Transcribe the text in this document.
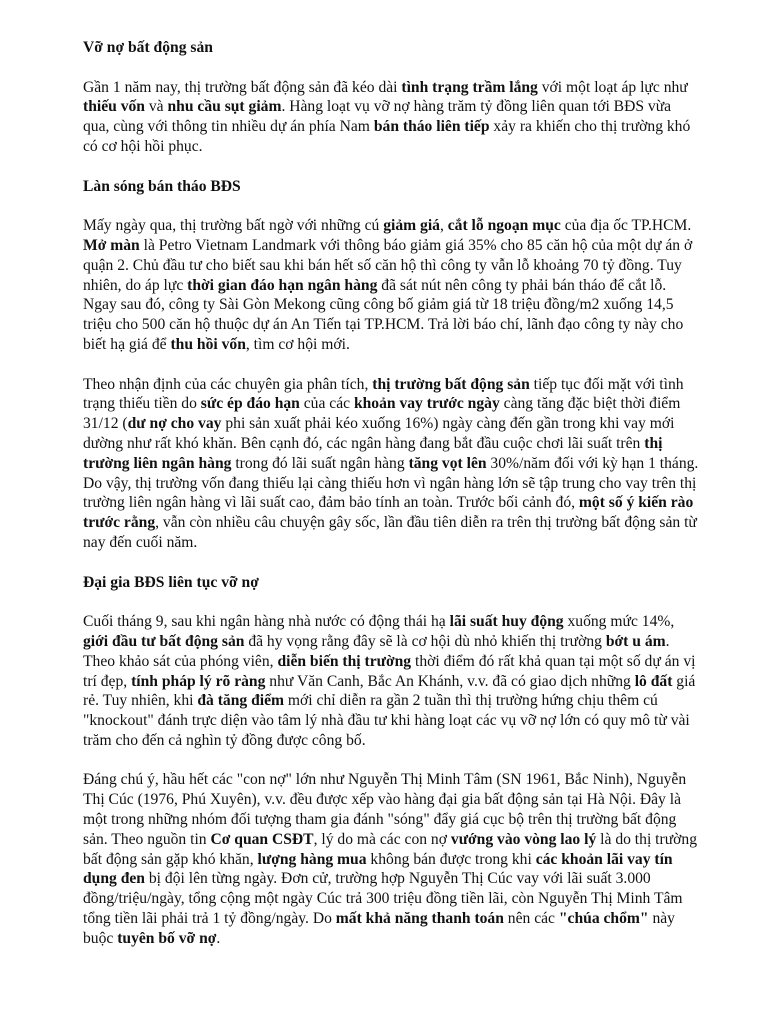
Vỡ nợ bất động sản

Gần 1 năm nay, thị trường bất động sản đã kéo dài tình trạng trầm lắng với một loạt áp lực như thiếu vốn và nhu cầu sụt giảm. Hàng loạt vụ vỡ nợ hàng trăm tỷ đồng liên quan tới BĐS vừa qua, cùng với thông tin nhiều dự án phía Nam bán tháo liên tiếp xảy ra khiến cho thị trường khó có cơ hội hồi phục.

Làn sóng bán tháo BĐS

Mấy ngày qua, thị trường bất ngờ với những cú giảm giá, cắt lỗ ngoạn mục của địa ốc TP.HCM. Mở màn là Petro Vietnam Landmark với thông báo giảm giá 35% cho 85 căn hộ của một dự án ở quận 2. Chủ đầu tư cho biết sau khi bán hết số căn hộ thì công ty vẫn lỗ khoảng 70 tỷ đồng. Tuy nhiên, do áp lực thời gian đáo hạn ngân hàng đã sát nút nên công ty phải bán tháo để cắt lỗ. Ngay sau đó, công ty Sài Gòn Mekong cũng công bố giảm giá từ 18 triệu đồng/m2 xuống 14,5 triệu cho 500 căn hộ thuộc dự án An Tiến tại TP.HCM. Trả lời báo chí, lãnh đạo công ty này cho biết hạ giá để thu hồi vốn, tìm cơ hội mới.

Theo nhận định của các chuyên gia phân tích, thị trường bất động sản tiếp tục đối mặt với tình trạng thiếu tiền do sức ép đáo hạn của các khoản vay trước ngày càng tăng đặc biệt thời điểm 31/12 (dư nợ cho vay phi sản xuất phải kéo xuống 16%) ngày càng đến gần trong khi vay mới dường như rất khó khăn. Bên cạnh đó, các ngân hàng đang bắt đầu cuộc chơi lãi suất trên thị trường liên ngân hàng trong đó lãi suất ngân hàng tăng vọt lên 30%/năm đối với kỳ hạn 1 tháng. Do vậy, thị trường vốn đang thiếu lại càng thiếu hơn vì ngân hàng lớn sẽ tập trung cho vay trên thị trường liên ngân hàng vì lãi suất cao, đảm bảo tính an toàn. Trước bối cảnh đó, một số ý kiến rào trước rằng, vẫn còn nhiều câu chuyện gây sốc, lần đầu tiên diễn ra trên thị trường bất động sản từ nay đến cuối năm.

Đại gia BĐS liên tục vỡ nợ

Cuối tháng 9, sau khi ngân hàng nhà nước có động thái hạ lãi suất huy động xuống mức 14%, giới đầu tư bất động sản đã hy vọng rằng đây sẽ là cơ hội dù nhỏ khiến thị trường bớt u ám. Theo khảo sát của phóng viên, diễn biến thị trường thời điểm đó rất khả quan tại một số dự án vị trí đẹp, tính pháp lý rõ ràng như Văn Canh, Bắc An Khánh, v.v. đã có giao dịch những lô đất giá rẻ. Tuy nhiên, khi đà tăng điểm mới chỉ diễn ra gần 2 tuần thì thị trường hứng chịu thêm cú "knockout" đánh trực diện vào tâm lý nhà đầu tư khi hàng loạt các vụ vỡ nợ lớn có quy mô từ vài trăm cho đến cả nghìn tỷ đồng được công bố.

Đáng chú ý, hầu hết các "con nợ" lớn như Nguyễn Thị Minh Tâm (SN 1961, Bắc Ninh), Nguyễn Thị Cúc (1976, Phú Xuyên), v.v. đều được xếp vào hàng đại gia bất động sản tại Hà Nội. Đây là một trong những nhóm đối tượng tham gia đánh "sóng" đẩy giá cục bộ trên thị trường bất động sản. Theo nguồn tin Cơ quan CSĐT, lý do mà các con nợ vướng vào vòng lao lý là do thị trường bất động sản gặp khó khăn, lượng hàng mua không bán được trong khi các khoản lãi vay tín dụng đen bị đội lên từng ngày. Đơn cử, trường hợp Nguyễn Thị Cúc vay với lãi suất 3.000 đồng/triệu/ngày, tổng cộng một ngày Cúc trả 300 triệu đồng tiền lãi, còn Nguyễn Thị Minh Tâm tổng tiền lãi phải trả 1 tỷ đồng/ngày. Do mất khả năng thanh toán nên các "chúa chổm" này buộc tuyên bố vỡ nợ.
